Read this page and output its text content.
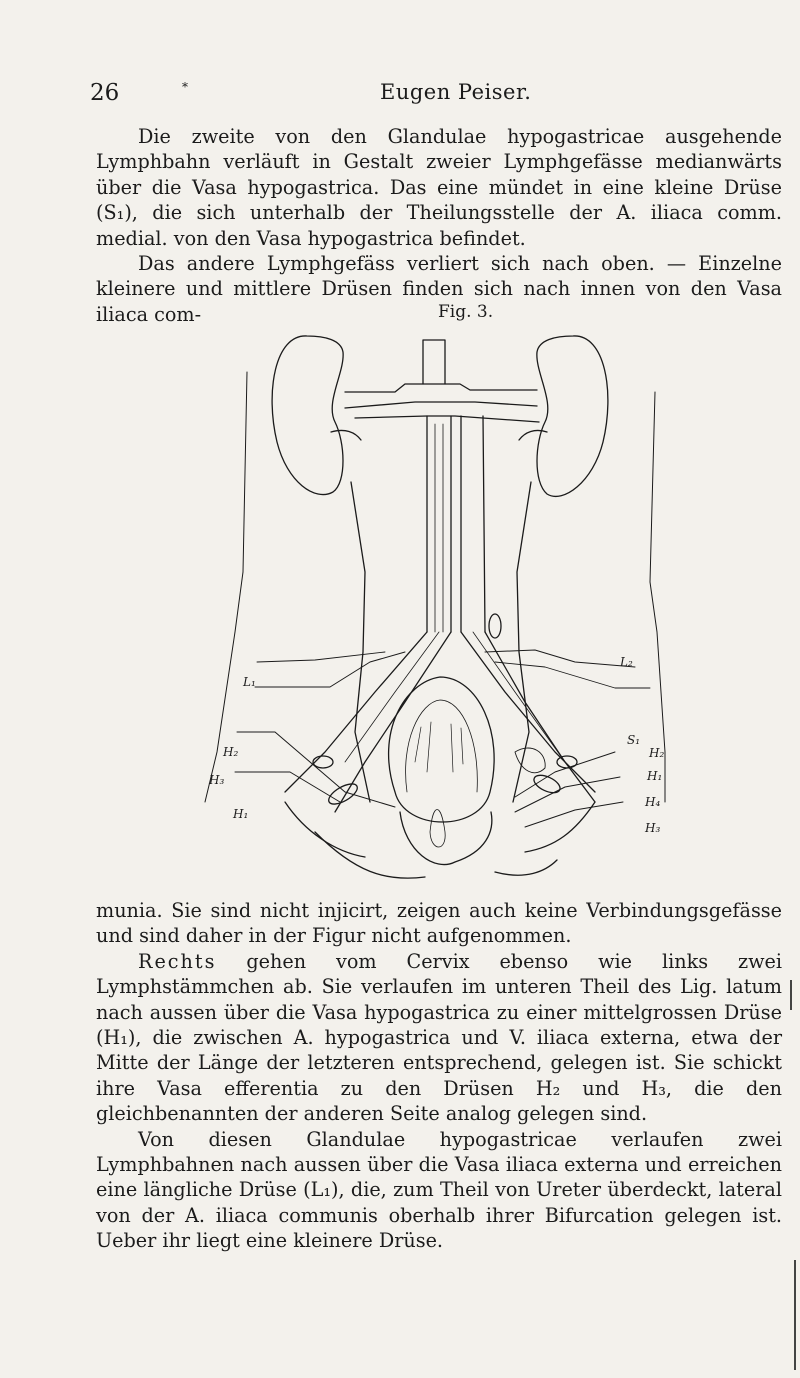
26	*	Eugen Peiser.

Die zweite von den Glandulae hypogastricae ausgehende Lymphbahn verläuft in Gestalt zweier Lymphgefässe medianwärts über die Vasa hypogastrica. Das eine mündet in eine kleine Drüse (S₁), die sich unterhalb der Theilungsstelle der A. iliaca comm. medial. von den Vasa hypogastrica befindet.

Das andere Lymphgefäss verliert sich nach oben. — Einzelne kleinere und mittlere Drüsen finden sich nach innen von den Vasa iliaca com-	Fig. 3.
L₁
L₂
H₂
H₃
H₁
S₁
H₂
H₁
H₄
H₃

munia. Sie sind nicht injicirt, zeigen auch keine Verbindungsgefässe und sind daher in der Figur nicht aufgenommen.

Rechts gehen vom Cervix ebenso wie links zwei Lymphstämmchen ab. Sie verlaufen im unteren Theil des Lig. latum nach aussen über die Vasa hypogastrica zu einer mittelgrossen Drüse (H₁), die zwischen A. hypogastrica und V. iliaca externa, etwa der Mitte der Länge der letzteren entsprechend, gelegen ist. Sie schickt ihre Vasa efferentia zu den Drüsen H₂ und H₃, die den gleichbenannten der anderen Seite analog gelegen sind.

Von diesen Glandulae hypogastricae verlaufen zwei Lymphbahnen nach aussen über die Vasa iliaca externa und erreichen eine längliche Drüse (L₁), die, zum Theil von Ureter überdeckt, lateral von der A. iliaca communis oberhalb ihrer Bifurcation gelegen ist. Ueber ihr liegt eine kleinere Drüse.
